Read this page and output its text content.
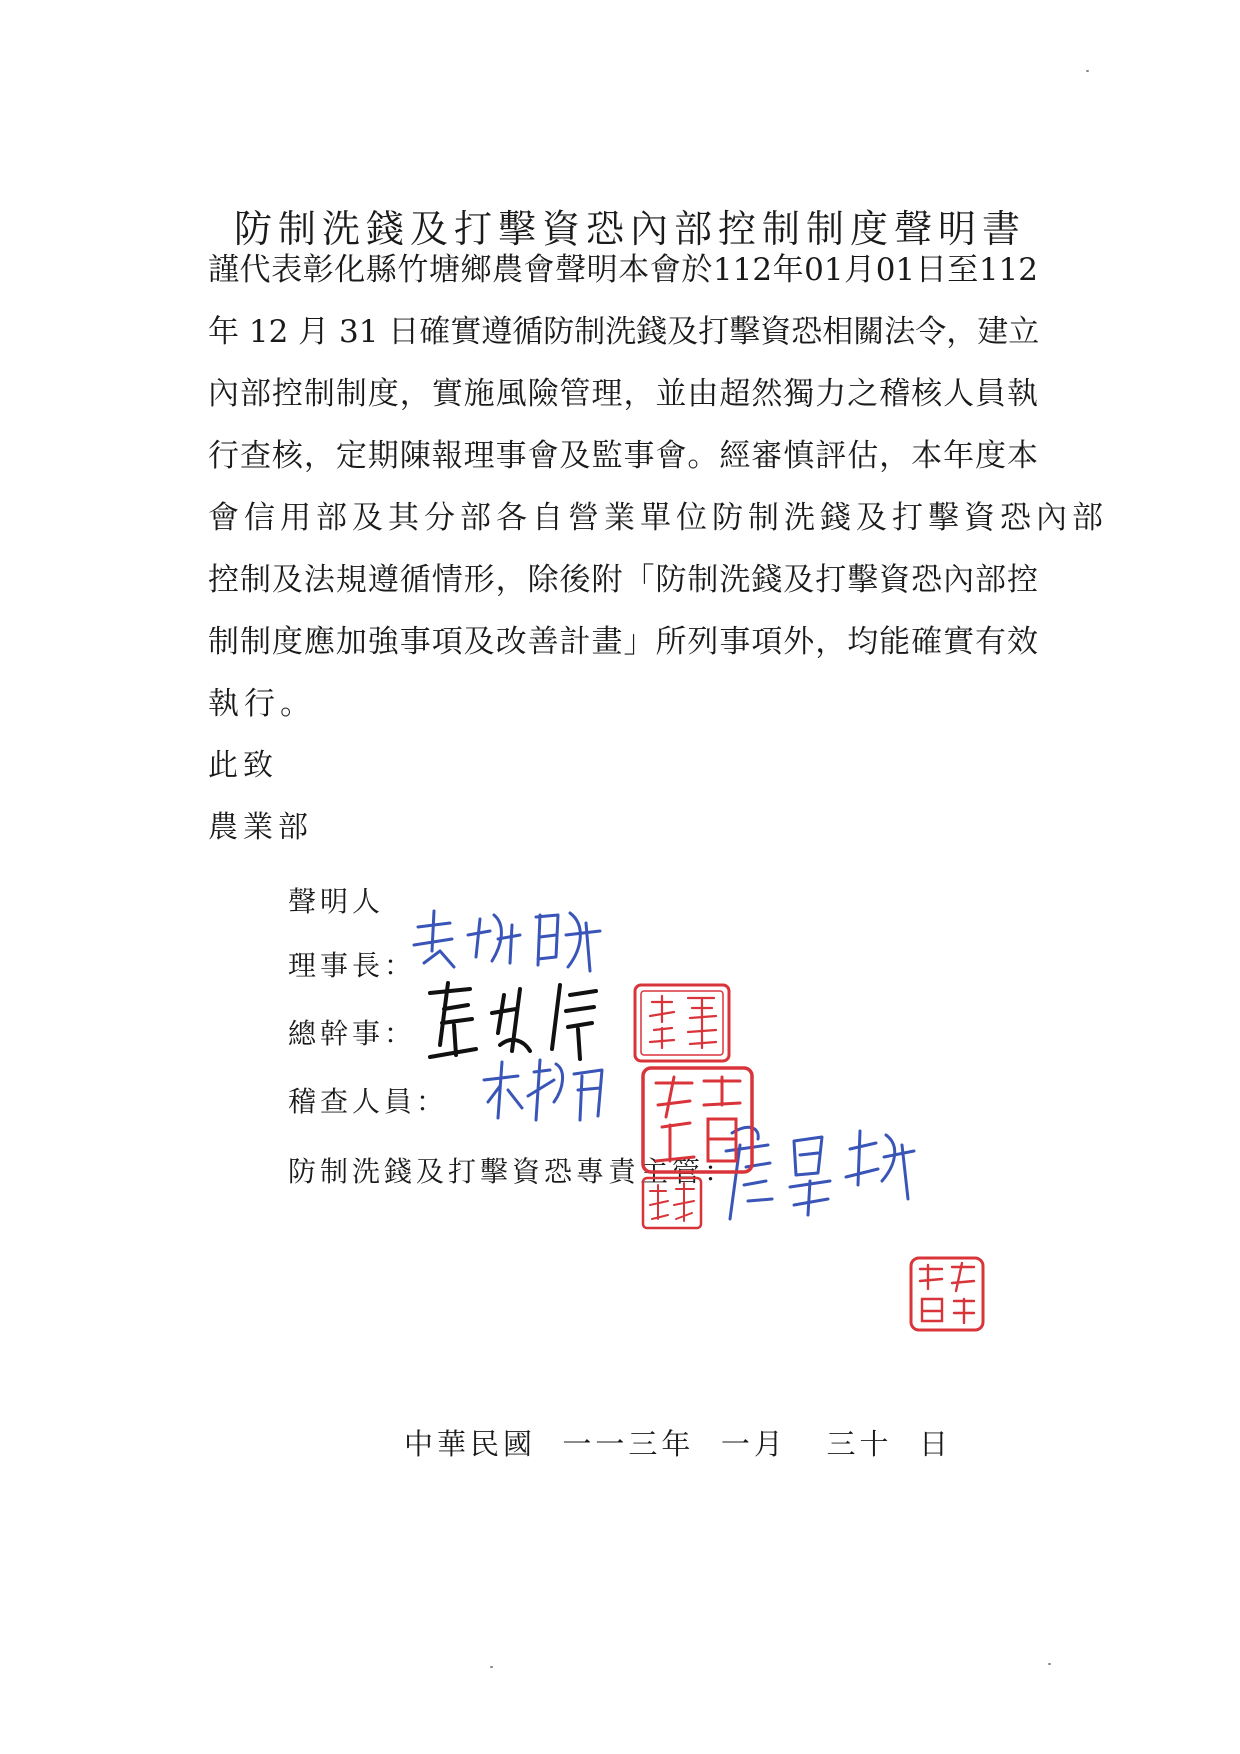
防制洗錢及打擊資恐內部控制制度聲明書
謹代表彰化縣竹塘鄉農會聲明本會於112年01月01日至112
年 12 月 31 日確實遵循防制洗錢及打擊資恐相關法令，建立
內部控制制度，實施風險管理，並由超然獨力之稽核人員執
行查核，定期陳報理事會及監事會。經審慎評估，本年度本
會信用部及其分部各自營業單位防制洗錢及打擊資恐內部
控制及法規遵循情形，除後附「防制洗錢及打擊資恐內部控
制制度應加強事項及改善計畫」所列事項外，均能確實有效
執行。
此致
農業部
聲明人
理事長：
總幹事：
稽查人員：
防制洗錢及打擊資恐專責主管：
中華民國  一一三年  一月   三十  日
